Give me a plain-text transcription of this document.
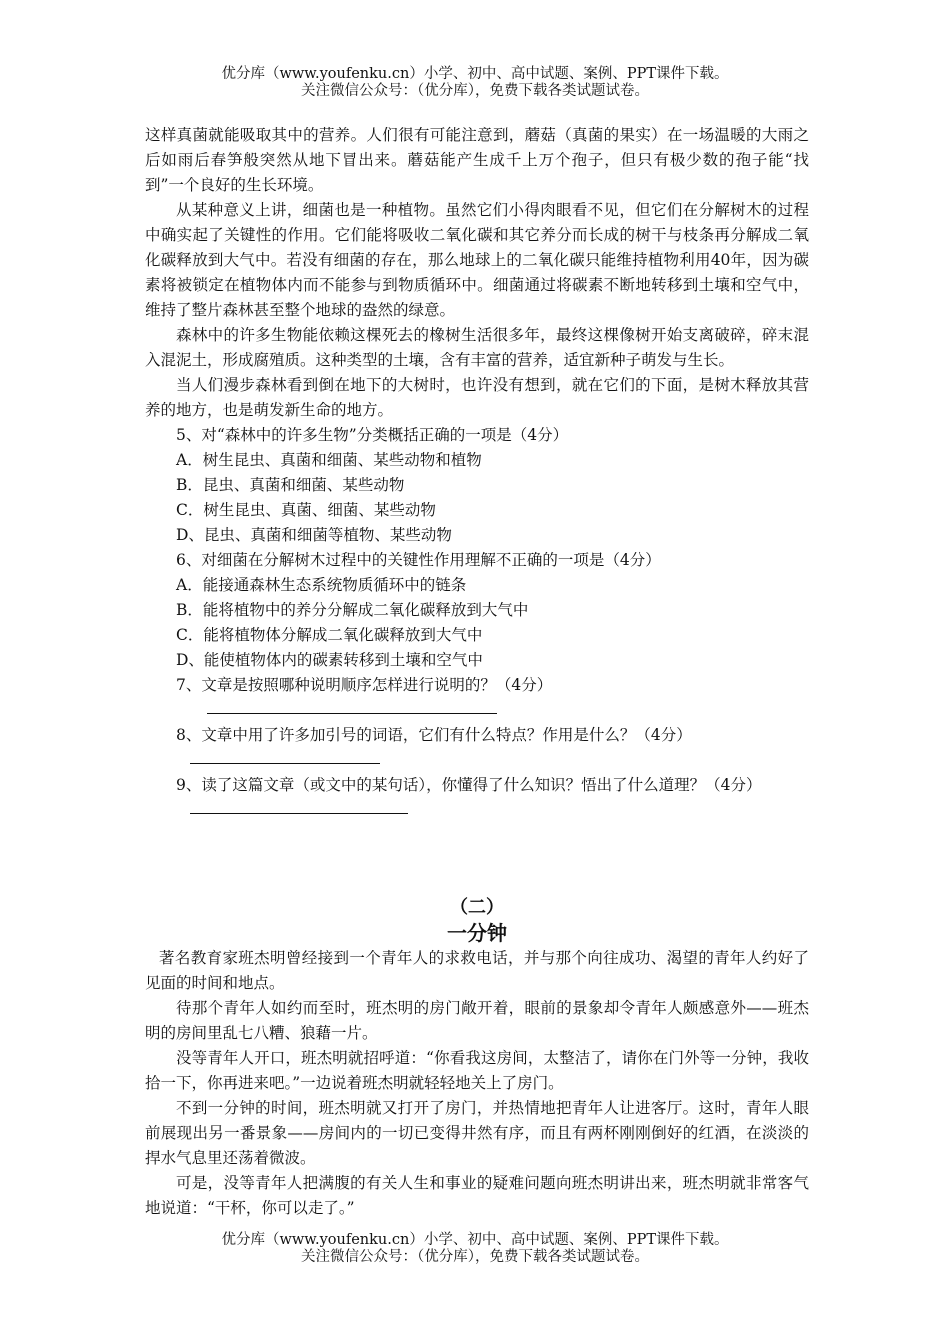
优分库（www.youfenku.cn）小学、初中、高中试题、案例、PPT课件下载。
关注微信公众号：（优分库），免费下载各类试题试卷。

这样真菌就能吸取其中的营养。人们很有可能注意到，蘑菇（真菌的果实）在一场温暖的大雨之后如雨后春笋般突然从地下冒出来。蘑菇能产生成千上万个孢子，但只有极少数的孢子能“找到”一个良好的生长环境。

从某种意义上讲，细菌也是一种植物。虽然它们小得肉眼看不见，但它们在分解树木的过程中确实起了关键性的作用。它们能将吸收二氧化碳和其它养分而长成的树干与枝条再分解成二氧化碳释放到大气中。若没有细菌的存在，那么地球上的二氧化碳只能维持植物利用40年，因为碳素将被锁定在植物体内而不能参与到物质循环中。细菌通过将碳素不断地转移到土壤和空气中，维持了整片森林甚至整个地球的盎然的绿意。

森林中的许多生物能依赖这棵死去的橡树生活很多年，最终这棵像树开始支离破碎，碎末混入混泥土，形成腐殖质。这种类型的土壤，含有丰富的营养，适宜新种子萌发与生长。

当人们漫步森林看到倒在地下的大树时，也许没有想到，就在它们的下面，是树木释放其营养的地方，也是萌发新生命的地方。

5、对“森林中的许多生物”分类概括正确的一项是（4分）

A．树生昆虫、真菌和细菌、某些动物和植物

B．昆虫、真菌和细菌、某些动物

C．树生昆虫、真菌、细菌、某些动物

D、昆虫、真菌和细菌等植物、某些动物

6、对细菌在分解树木过程中的关键性作用理解不正确的一项是（4分）

A．能接通森林生态系统物质循环中的链条

B．能将植物中的养分分解成二氧化碳释放到大气中

C．能将植物体分解成二氧化碳释放到大气中

D、能使植物体内的碳素转移到土壤和空气中

7、文章是按照哪种说明顺序怎样进行说明的？（4分）

8、文章中用了许多加引号的词语，它们有什么特点？作用是什么？（4分）

9、读了这篇文章（或文中的某句话），你懂得了什么知识？悟出了什么道理？（4分）

（二）
一分钟

著名教育家班杰明曾经接到一个青年人的求救电话，并与那个向往成功、渴望的青年人约好了见面的时间和地点。

待那个青年人如约而至时，班杰明的房门敞开着，眼前的景象却令青年人颇感意外——班杰明的房间里乱七八糟、狼藉一片。

没等青年人开口，班杰明就招呼道：“你看我这房间，太整洁了，请你在门外等一分钟，我收拾一下，你再进来吧。”一边说着班杰明就轻轻地关上了房门。

不到一分钟的时间，班杰明就又打开了房门，并热情地把青年人让进客厅。这时，青年人眼前展现出另一番景象——房间内的一切已变得井然有序，而且有两杯刚刚倒好的红酒，在淡淡的捍水气息里还荡着微波。

可是，没等青年人把满腹的有关人生和事业的疑难问题向班杰明讲出来，班杰明就非常客气地说道：“干杯，你可以走了。”

优分库（www.youfenku.cn）小学、初中、高中试题、案例、PPT课件下载。
关注微信公众号：（优分库），免费下载各类试题试卷。
